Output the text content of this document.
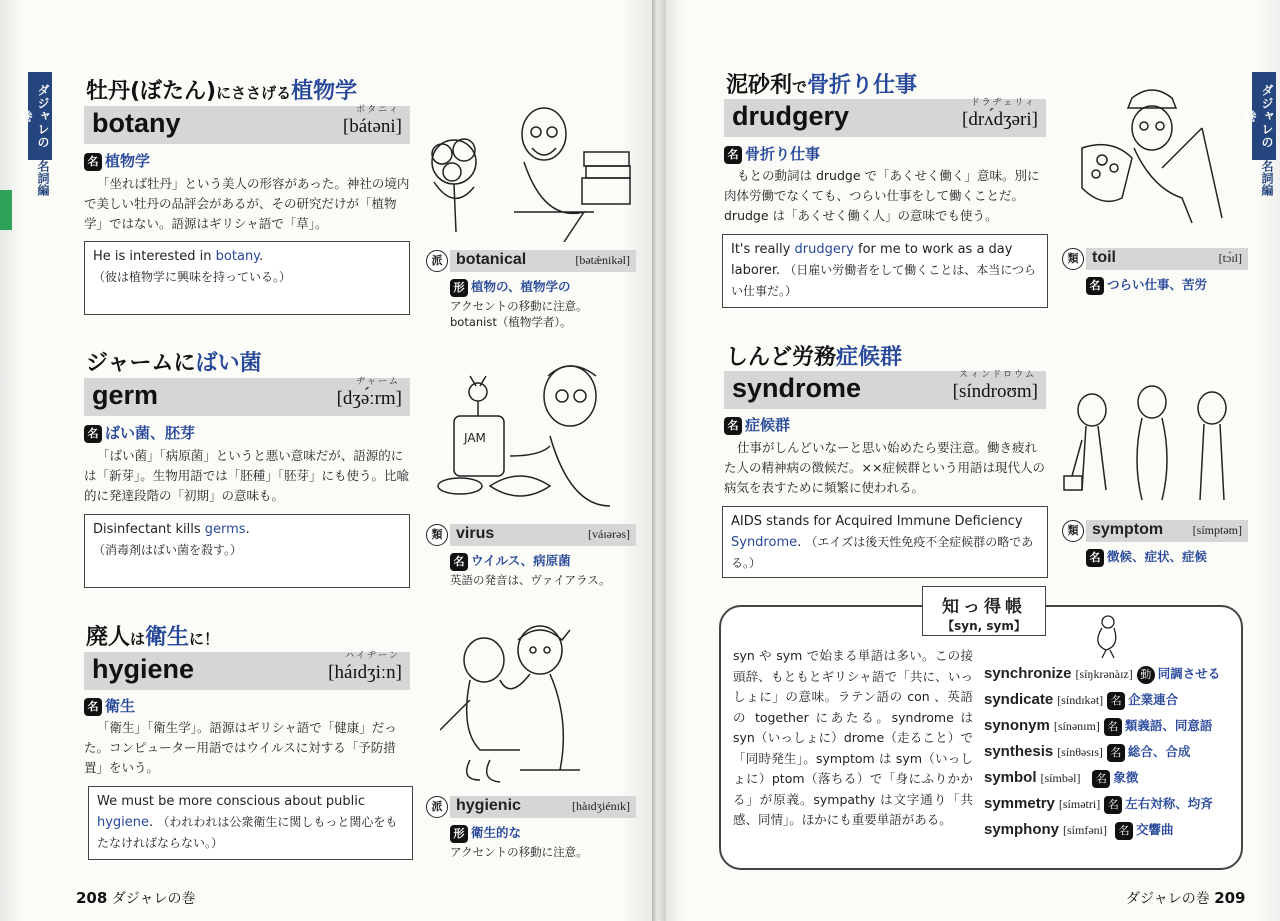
ダジャレの巻
名詞編
ダジャレの巻
名詞編
牡丹(ぼたん)にささげる植物学
botany	ボタニィ
[bátəni]
名 植物学
「坐れば牡丹」という美人の形容があった。神社の境内で美しい牡丹の品評会があるが、その研究だけが「植物学」ではない。語源はギリシャ語で「草」。
He is interested in botany.
（彼は植物学に興味を持っている。）
派 botanical	[bətǽnikəl]
形 植物の、植物学の
アクセントの移動に注意。
botanist（植物学者）。
ジャームにばい菌
germ	ヂャーム
[dʒə́ːrm]
名 ばい菌、胚芽
「ばい菌」「病原菌」というと悪い意味だが、語源的には「新芽」。生物用語では「胚種」「胚芽」にも使う。比喩的に発達段階の「初期」の意味も。
Disinfectant kills germs.
（消毒剤はばい菌を殺す。）
類 virus	[váɪərəs]
名 ウイルス、病原菌
英語の発音は、ヴァイアラス。
JAM
廃人は衛生に！
hygiene	ハイヂーン
[háɪdʒiːn]
名 衛生
「衛生」「衛生学」。語源はギリシャ語で「健康」だった。コンピューター用語ではウイルスに対する「予防措置」をいう。
We must be more conscious about public hygiene. （われわれは公衆衛生に関しもっと関心をもたなければならない。）
派 hygienic	[hàɪdʒiénɪk]
形 衛生的な
アクセントの移動に注意。
泥砂利で骨折り仕事
drudgery	ドラヂェリィ
[drʌ́dʒəri]
名 骨折り仕事
もとの動詞は drudge で「あくせく働く」意味。別に肉体労働でなくても、つらい仕事をして働くことだ。drudge は「あくせく働く人」の意味でも使う。
It's really drudgery for me to work as a day laborer. （日雇い労働者をして働くことは、本当につらい仕事だ。）
類 toil	[tɔ́ɪl]
名 つらい仕事、苦労
しんど労務症候群
syndrome	スィンドロウム
[síndroʊm]
名 症候群
仕事がしんどいなーと思い始めたら要注意。働き疲れた人の精神病の徴候だ。××症候群という用語は現代人の病気を表すために頻繁に使われる。
AIDS stands for Acquired Immune Deficiency Syndrome. （エイズは後天性免疫不全症候群の略である。）
類 symptom [símptəm]
名 徴候、症状、症候
知っ得帳
【syn, sym】
syn や sym で始まる単語は多い。この接頭辞、もともとギリシャ語で「共に、いっしょに」の意味。ラテン語の con 、英語の together にあたる。syndrome は syn（いっしょに）drome（走ること）で「同時発生」。symptom は sym（いっしょに）ptom（落ちる）で「身にふりかかる」が原義。sympathy は文字通り「共感、同情」。ほかにも重要単語がある。
synchronize [síŋkrənàɪz] 動 同調させる
syndicate [síndɪkət] 名 企業連合
synonym [sínənɪm] 名 類義語、同意語
synthesis [sínθəsɪs] 名 総合、合成
symbol [símbəl] 名 象徴
symmetry [símətri] 名 左右対称、均斉
symphony [símfəni] 名 交響曲
208 ダジャレの巻	ダジャレの巻 209
